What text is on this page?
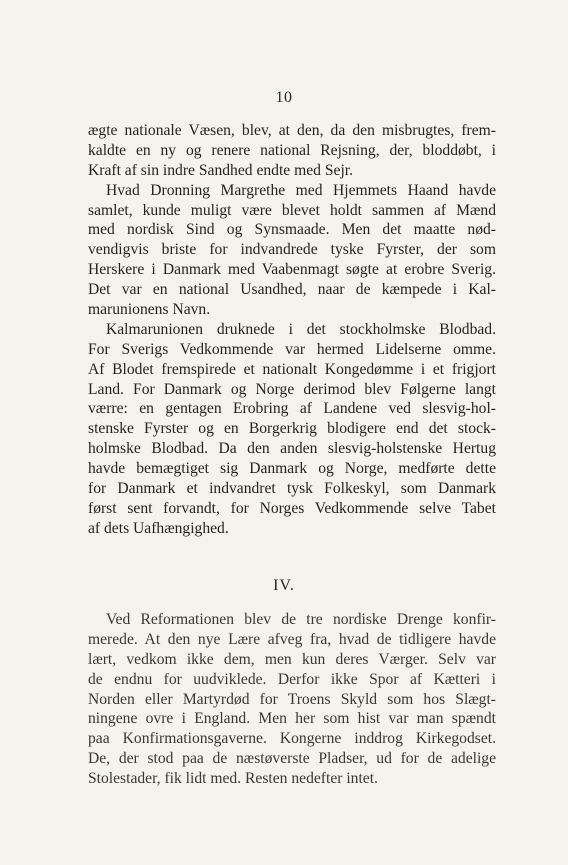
10
ægte nationale Væsen, blev, at den, da den misbrugtes, frem-
kaldte en ny og renere national Rejsning, der, bloddøbt, i
Kraft af sin indre Sandhed endte med Sejr.
Hvad Dronning Margrethe med Hjemmets Haand havde
samlet, kunde muligt være blevet holdt sammen af Mænd
med nordisk Sind og Synsmaade. Men det maatte nød-
vendigvis briste for indvandrede tyske Fyrster, der som
Herskere i Danmark med Vaabenmagt søgte at erobre Sverig.
Det var en national Usandhed, naar de kæmpede i Kal-
marunionens Navn.
Kalmarunionen druknede i det stockholmske Blodbad.
For Sverigs Vedkommende var hermed Lidelserne omme.
Af Blodet fremspirede et nationalt Kongedømme i et frigjort
Land. For Danmark og Norge derimod blev Følgerne langt
værre: en gentagen Erobring af Landene ved slesvig-hol-
stenske Fyrster og en Borgerkrig blodigere end det stock-
holmske Blodbad. Da den anden slesvig-holstenske Hertug
havde bemægtiget sig Danmark og Norge, medførte dette
for Danmark et indvandret tysk Folkeskyl, som Danmark
først sent forvandt, for Norges Vedkommende selve Tabet
af dets Uafhængighed.
IV.
Ved Reformationen blev de tre nordiske Drenge konfir-
merede. At den nye Lære afveg fra, hvad de tidligere havde
lært, vedkom ikke dem, men kun deres Værger. Selv var
de endnu for uudviklede. Derfor ikke Spor af Kætteri i
Norden eller Martyrdød for Troens Skyld som hos Slægt-
ningene ovre i England. Men her som hist var man spændt
paa Konfirmationsgaverne. Kongerne inddrog Kirkegodset.
De, der stod paa de næstøverste Pladser, ud for de adelige
Stolestader, fik lidt med. Resten nedefter intet.
